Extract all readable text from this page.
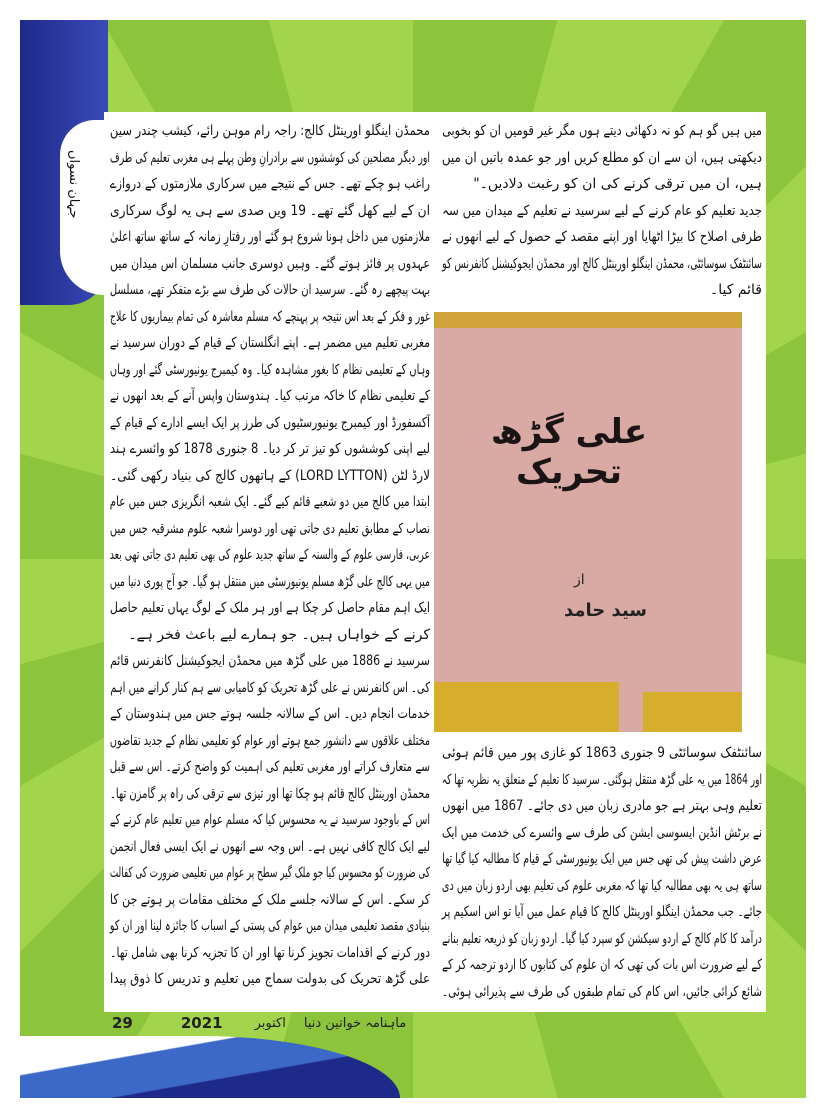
جہان نسواں
محمڈن اینگلو اورینٹل کالج: راجہ رام موہن رائے، کیشب چندر سین
اور دیگر مصلحین کی کوششوں سے برادرانِ وطن پہلے ہی مغربی تعلیم کی طرف
راغب ہو چکے تھے۔ جس کے نتیجے میں سرکاری ملازمتوں کے دروازے
ان کے لیے کھل گئے تھے۔ 19 ویں صدی سے ہی یہ لوگ سرکاری
ملازمتوں میں داخل ہونا شروع ہو گئے اور رفتارِ زمانہ کے ساتھ ساتھ اعلیٰ
عہدوں پر فائز ہوتے گئے۔ وہیں دوسری جانب مسلمان اس میدان میں
بہت پیچھے رہ گئے۔ سرسید ان حالات کی طرف سے بڑے متفکر تھے، مسلسل
غور و فکر کے بعد اس نتیجہ پر پہنچے کہ مسلم معاشرہ کی تمام بیماریوں کا علاج
مغربی تعلیم میں مضمر ہے۔ اپنے انگلستان کے قیام کے دوران سرسید نے
وہاں کے تعلیمی نظام کا بغور مشاہدہ کیا۔ وہ کیمبرج یونیورسٹی گئے اور وہاں
کے تعلیمی نظام کا خاکہ مرتب کیا۔ ہندوستان واپس آنے کے بعد انھوں نے
آکسفورڈ اور کیمبرج یونیورسٹیوں کی طرز پر ایک ایسے ادارے کے قیام کے
لیے اپنی کوششوں کو تیز تر کر دیا۔ 8 جنوری 1878 کو وائسرے ہند
لارڈ لٹن (LORD LYTTON) کے ہاتھوں کالج کی بنیاد رکھی گئی۔
ابتدا میں کالج میں دو شعبے قائم کیے گئے۔ ایک شعبہ انگریزی جس میں عام
نصاب کے مطابق تعلیم دی جاتی تھی اور دوسرا شعبہ علوم مشرقیہ جس میں
عربی، فارسی علوم کے والسنہ کے ساتھ جدید علوم کی بھی تعلیم دی جاتی تھی بعد
میں یہی کالج علی گڑھ مسلم یونیورسٹی میں منتقل ہو گیا۔ جو آج پوری دنیا میں
ایک اہم مقام حاصل کر چکا ہے اور ہر ملک کے لوگ یہاں تعلیم حاصل
کرنے کے خواہاں ہیں۔ جو ہمارے لیے باعث فخر ہے۔
سرسید نے 1886 میں علی گڑھ میں محمڈن ایجوکیشنل کانفرنس قائم
کی۔ اس کانفرنس نے علی گڑھ تحریک کو کامیابی سے ہم کنار کرانے میں اہم
خدمات انجام دیں۔ اس کے سالانہ جلسہ ہوتے جس میں ہندوستان کے
مختلف علاقوں سے دانشور جمع ہوتے اور عوام کو تعلیمی نظام کے جدید تقاضوں
سے متعارف کراتے اور مغربی تعلیم کی اہمیت کو واضح کرتے۔ اس سے قبل
محمڈن اورینٹل کالج قائم ہو چکا تھا اور تیزی سے ترقی کی راہ پر گامزن تھا۔
اس کے باوجود سرسید نے یہ محسوس کیا کہ مسلم عوام میں تعلیم عام کرنے کے
لیے ایک کالج کافی نہیں ہے۔ اس وجہ سے انھوں نے ایک ایسی فعال انجمن
کی ضرورت کو محسوس کیا جو ملک گیر سطح پر عوام میں تعلیمی ضرورت کی کفالت
کر سکے۔ اس کے سالانہ جلسے ملک کے مختلف مقامات پر ہوتے جن کا
بنیادی مقصد تعلیمی میدان میں عوام کی پستی کے اسباب کا جائزہ لینا اور ان کو
دور کرنے کے اقدامات تجویز کرنا تھا اور ان کا تجزیہ کرنا بھی شامل تھا۔
علی گڑھ تحریک کی بدولت سماج میں تعلیم و تدریس کا ذوق پیدا
میں ہیں گو ہم کو نہ دکھائی دیتے ہوں مگر غیر قومیں ان کو بخوبی
دیکھتی ہیں، ان سے ان کو مطلع کریں اور جو عمدہ باتیں ان میں
ہیں، ان میں ترقی کرنے کی ان کو رغبت دلادیں۔"
جدید تعلیم کو عام کرنے کے لیے سرسید نے تعلیم کے میدان میں سہ
طرفی اصلاح کا بیڑا اٹھایا اور اپنے مقصد کے حصول کے لیے انھوں نے
سائنٹفک سوسائٹی، محمڈن اینگلو اورینٹل کالج اور محمڈن ایجوکیشنل کانفرنس کو
قائم کیا۔
علی گڑھ تحریک
از
سید حامد
سائنٹفک سوسائٹی 9 جنوری 1863 کو غازی پور میں قائم ہوئی
اور 1864 میں یہ علی گڑھ منتقل ہوگئی۔ سرسید کا تعلیم کے متعلق یہ نظریہ تھا کہ
تعلیم وہی بہتر ہے جو مادری زبان میں دی جائے۔ 1867 میں انھوں
نے برٹش انڈین ایسوسی ایشن کی طرف سے وائسرے کی خدمت میں ایک
عرض داشت پیش کی تھی جس میں ایک یونیورسٹی کے قیام کا مطالبہ کیا گیا تھا
ساتھ ہی یہ بھی مطالبہ کیا تھا کہ مغربی علوم کی تعلیم بھی اردو زبان میں دی
جائے۔ جب محمڈن اینگلو اورینٹل کالج کا قیام عمل میں آیا تو اس اسکیم پر
درآمد کا کام کالج کے اردو سیکشن کو سپرد کیا گیا۔ اردو زبان کو ذریعہ تعلیم بنانے
کے لیے ضرورت اس بات کی تھی کہ ان علوم کی کتابوں کا اردو ترجمہ کر کے
شائع کرائی جائیں، اس کام کی تمام طبقوں کی طرف سے پذیرائی ہوئی۔
29	2021 اکتوبر ماہنامہ خواتین دنیا
